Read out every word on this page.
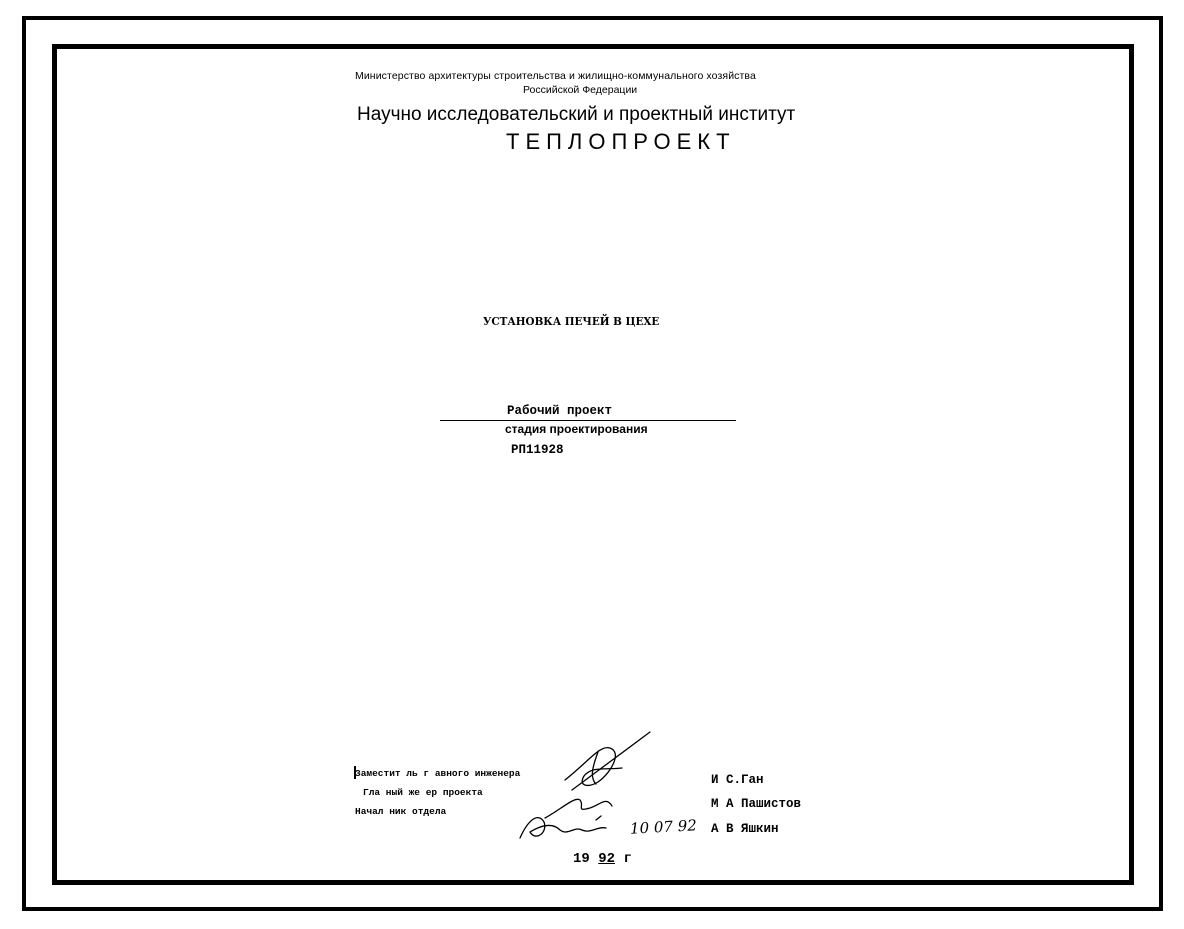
Министерство архитектуры строительства и жилищно-коммунального хозяйства
Российской Федерации
Научно исследовательский и проектный институт
ТЕПЛОПРОЕКТ
УСТАНОВКА ПЕЧЕЙ В ЦЕХЕ
Рабочий проект
стадия проектирования
РП11928
Заместит ль г авного инженера
Гла ный же ер проекта
Начал ник отдела
10 07 92
И С.Ган
М А Пашистов
А В Яшкин
19 92 г
